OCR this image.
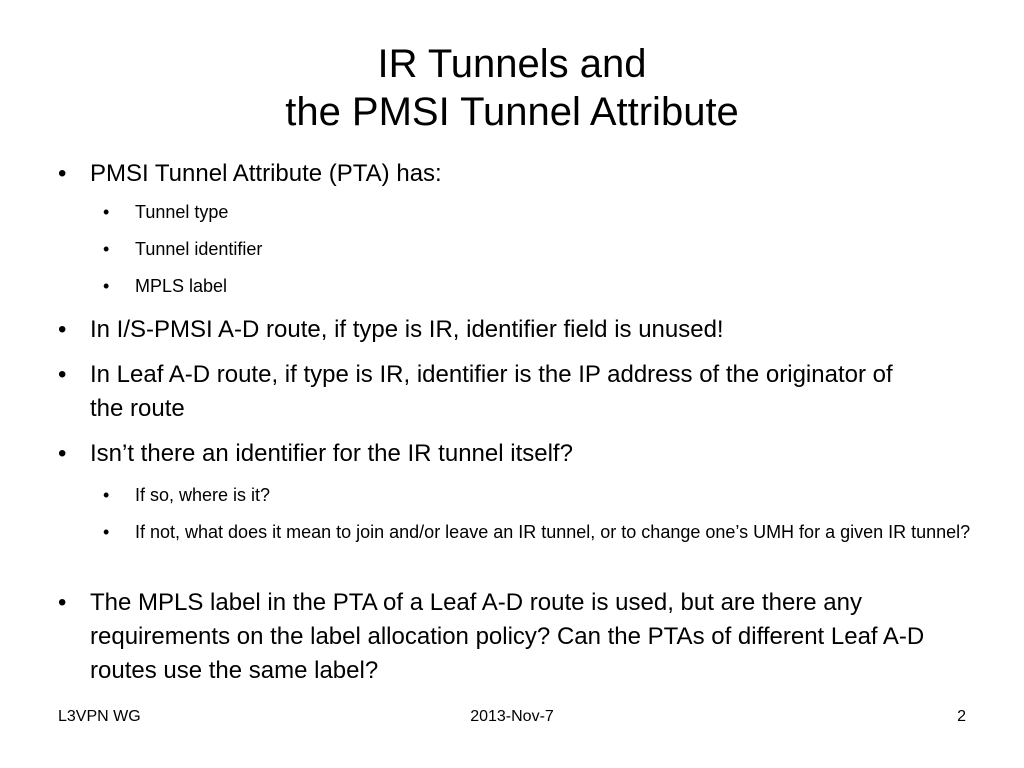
IR Tunnels and
the PMSI Tunnel Attribute

• PMSI Tunnel Attribute (PTA) has:

• Tunnel type

• Tunnel identifier

• MPLS label

• In I/S-PMSI A-D route, if type is IR, identifier field is unused!

• In Leaf A-D route, if type is IR, identifier is the IP address of the originator of the route

• Isn’t there an identifier for the IR tunnel itself?

• If so, where is it?

• If not, what does it mean to join and/or leave an IR tunnel, or to change one’s UMH for a given IR tunnel?

• The MPLS label in the PTA of a Leaf A-D route is used, but are there any requirements on the label allocation policy? Can the PTAs of different Leaf A-D routes use the same label?

L3VPN WG	2013-Nov-7	2
